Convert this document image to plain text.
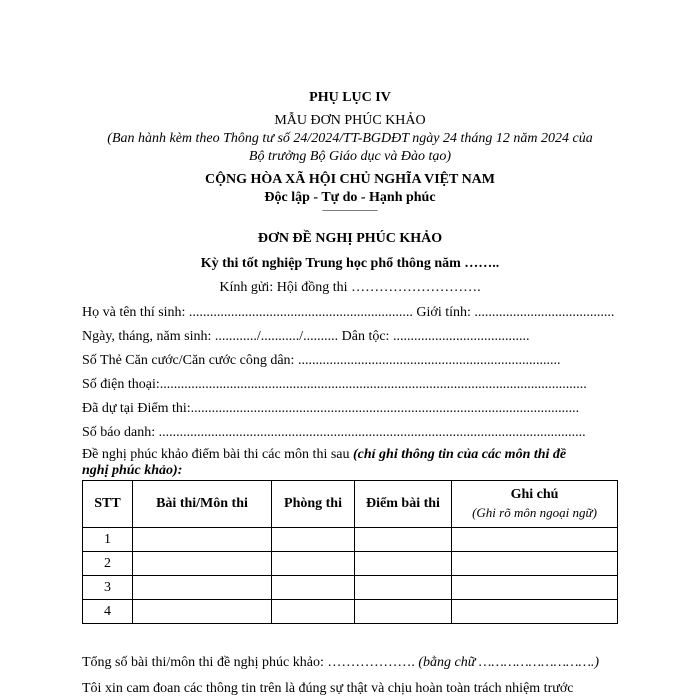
PHỤ LỤC IV
MẪU ĐƠN PHÚC KHẢO
(Ban hành kèm theo Thông tư số 24/2024/TT-BGDĐT ngày 24 tháng 12 năm 2024 của
Bộ trưởng Bộ Giáo dục và Đào tạo)
CỘNG HÒA XÃ HỘI CHỦ NGHĨA VIỆT NAM
Độc lập - Tự do - Hạnh phúc
––––––––––
ĐƠN ĐỀ NGHỊ PHÚC KHẢO
Kỳ thi tốt nghiệp Trung học phổ thông năm ……..
Kính gửi: Hội đồng thi ……………………….
Họ và tên thí sinh: ................................................................ Giới tính: ........................................
Ngày, tháng, năm sinh: ............/.........../.......... Dân tộc: .......................................
Số Thẻ Căn cước/Căn cước công dân: ...........................................................................
Số điện thoại:..........................................................................................................................
Đã dự tại Điểm thi:...............................................................................................................
Số báo danh: ..........................................................................................................................
Đề nghị phúc khảo điểm bài thi các môn thi sau (chỉ ghi thông tin của các môn thi đề
nghị phúc khảo):
STT	Bài thi/Môn thi	Phòng thi	Điểm bài thi	Ghi chú
(Ghi rõ môn ngoại ngữ)

1				
2				
3				
4				
Tổng số bài thi/môn thi đề nghị phúc khảo: ………………. (bằng chữ ……………………….)
Tôi xin cam đoan các thông tin trên là đúng sự thật và chịu hoàn toàn trách nhiệm trước
